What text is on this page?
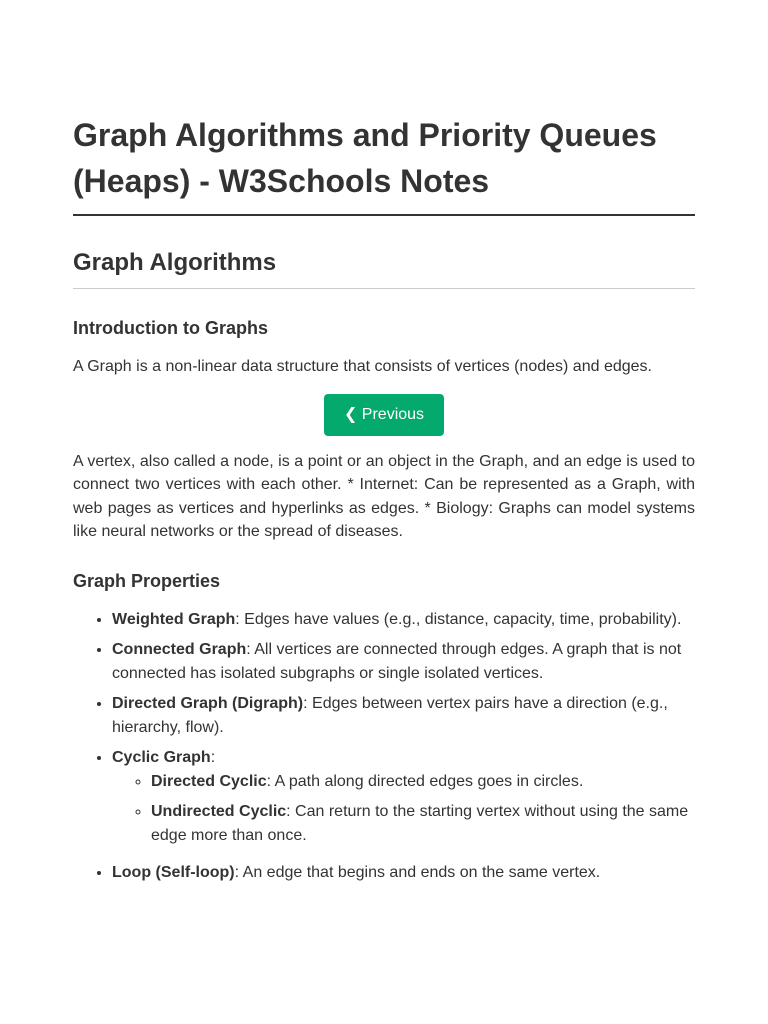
Graph Algorithms and Priority Queues (Heaps) - W3Schools Notes
Graph Algorithms
Introduction to Graphs

A Graph is a non-linear data structure that consists of vertices (nodes) and edges.

❮ Previous

A vertex, also called a node, is a point or an object in the Graph, and an edge is used to connect two vertices with each other. * Internet: Can be represented as a Graph, with web pages as vertices and hyperlinks as edges. * Biology: Graphs can model systems like neural networks or the spread of diseases.

Graph Properties
• Weighted Graph: Edges have values (e.g., distance, capacity, time, probability).
• Connected Graph: All vertices are connected through edges. A graph that is not connected has isolated subgraphs or single isolated vertices.
• Directed Graph (Digraph): Edges between vertex pairs have a direction (e.g., hierarchy, flow).
• Cyclic Graph:
◦ Directed Cyclic: A path along directed edges goes in circles.
◦ Undirected Cyclic: Can return to the starting vertex without using the same edge more than once.
• Loop (Self-loop): An edge that begins and ends on the same vertex.
